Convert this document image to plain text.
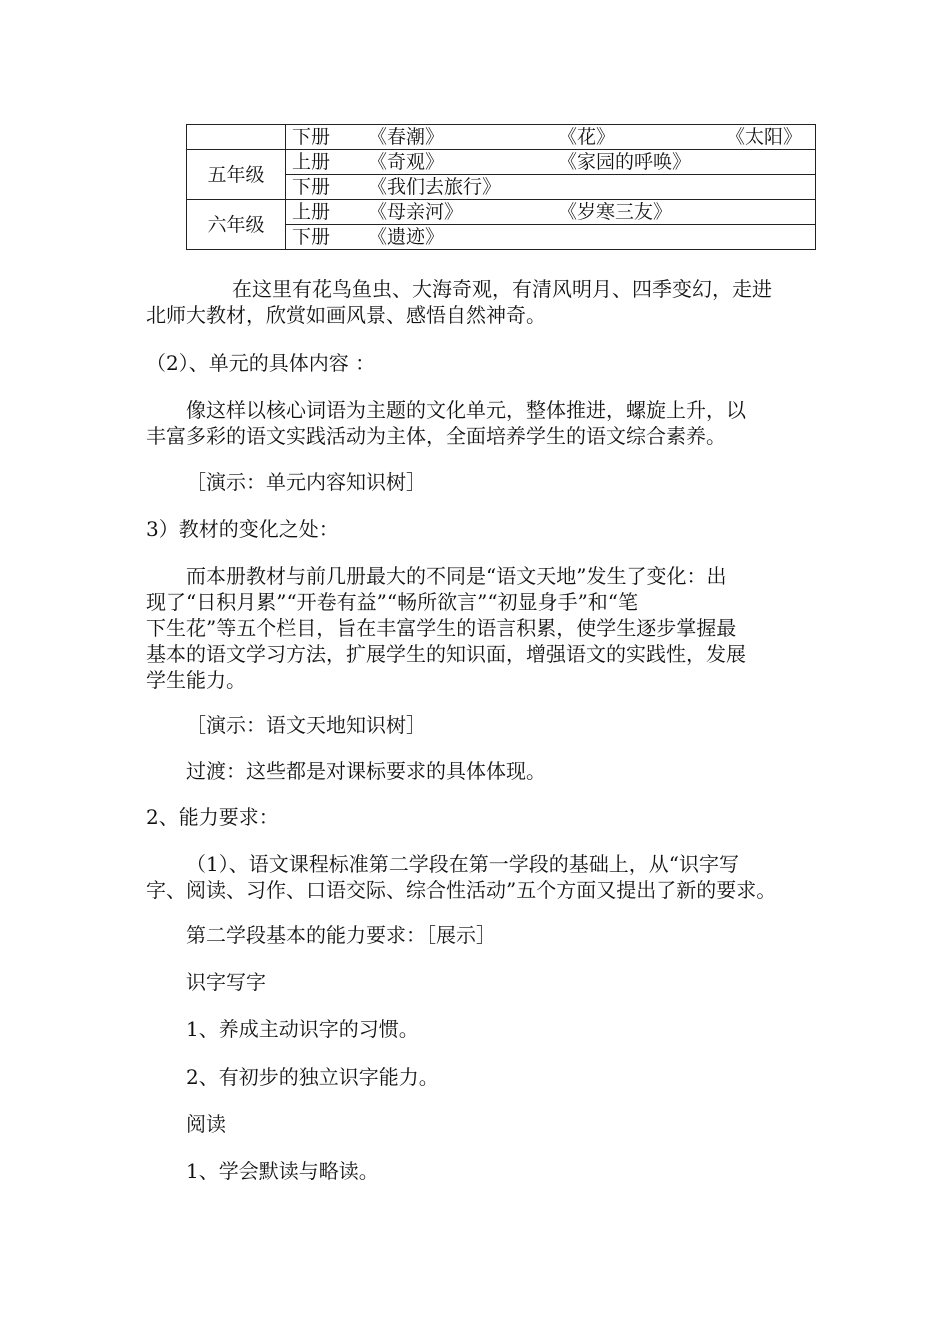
	下册 《春潮》 《花》 《太阳》

五年级	上册 《奇观》 《家园的呼唤》

	下册 《我们去旅行》

六年级	上册 《母亲河》 《岁寒三友》

	下册 《遗迹》

在这里有花鸟鱼虫、大海奇观，有清风明月、四季变幻，走进

北师大教材，欣赏如画风景、感悟自然神奇。

（2）、单元的具体内容 ：

像这样以核心词语为主题的文化单元，整体推进，螺旋上升，以

丰富多彩的语文实践活动为主体，全面培养学生的语文综合素养。

［演示：单元内容知识树］

3）教材的变化之处：

而本册教材与前几册最大的不同是“语文天地”发生了变化：出

现了“日积月累”“开卷有益”“畅所欲言”“初显身手”和“笔

下生花”等五个栏目，旨在丰富学生的语言积累，使学生逐步掌握最

基本的语文学习方法，扩展学生的知识面，增强语文的实践性，发展

学生能力。

［演示：语文天地知识树］

过渡：这些都是对课标要求的具体体现。

2、能力要求：

（1）、语文课程标准第二学段在第一学段的基础上，从“识字写

字、阅读、习作、口语交际、综合性活动”五个方面又提出了新的要求。

第二学段基本的能力要求：［展示］

识字写字

1、养成主动识字的习惯。

2、有初步的独立识字能力。

阅读

1、学会默读与略读。
